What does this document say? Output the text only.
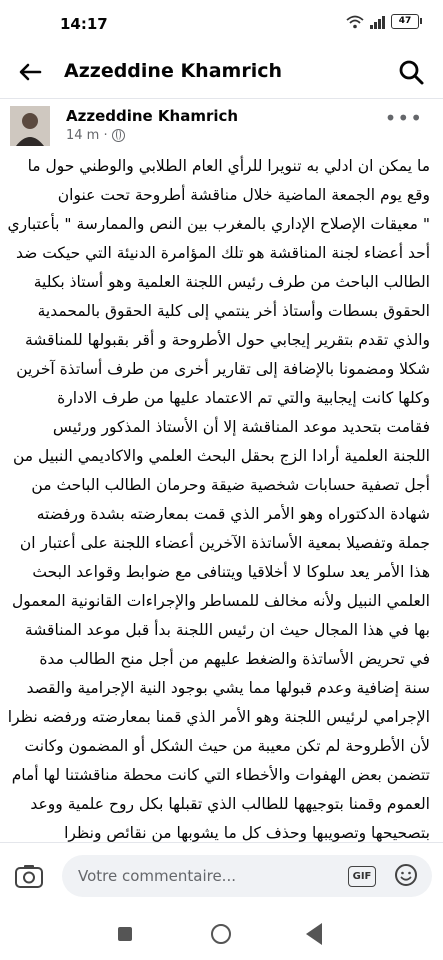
14:17	47
Azzeddine Khamrich
Azzeddine Khamrich
14 m ·
•••
ما يمكن ان ادلي به تنويرا للرأي العام الطلابي والوطني حول ما
وقع يوم الجمعة الماضية خلال مناقشة أطروحة تحت عنوان
" معيقات الإصلاح الإداري بالمغرب بين النص والممارسة " بأعتباري
أحد أعضاء لجنة المناقشة هو تلك المؤامرة الدنيئة التي حيكت ضد
الطالب الباحث من طرف رئيس اللجنة العلمية وهو أستاذ بكلية
الحقوق بسطات وأستاذ أخر ينتمي إلى كلية الحقوق بالمحمدية
والذي تقدم بتقرير إيجابي حول الأطروحة و أقر بقبولها للمناقشة
شكلا ومضمونا بالإضافة إلى تقارير أخرى من طرف أساتذة آخرين
وكلها كانت إيجابية والتي تم الاعتماد عليها من طرف الادارة
فقامت بتحديد موعد المناقشة إلا أن الأستاذ المذكور ورئيس
اللجنة العلمية أرادا الزج بحقل البحث العلمي والاكاديمي النبيل من
أجل تصفية حسابات شخصية ضيقة وحرمان الطالب الباحث من
شهادة الدكتوراه وهو الأمر الذي قمت بمعارضته بشدة ورفضته
جملة وتفصيلا بمعية الأساتذة الآخرين أعضاء اللجنة على أعتبار ان
هذا الأمر يعد سلوكا لا أخلاقيا ويتنافى مع ضوابط وقواعد البحث
العلمي النبيل ولأنه مخالف للمساطر والإجراءات القانونية المعمول
بها في هذا المجال حيث ان رئيس اللجنة بدأ قبل موعد المناقشة
في تحريض الأساتذة والضغط عليهم من أجل منح الطالب مدة
سنة إضافية وعدم قبولها مما يشي بوجود النية الإجرامية والقصد
الإجرامي لرئيس اللجنة وهو الأمر الذي قمنا بمعارضته ورفضه نظرا
لأن الأطروحة لم تكن معيبة من حيث الشكل أو المضمون وكانت
تتضمن بعض الهفوات والأخطاء التي كانت محطة مناقشتنا لها أمام
العموم وقمنا بتوجيهها للطالب الذي تقبلها بكل روح علمية ووعد
بتصحيحها وتصويبها وحذف كل ما يشوبها من نقائص ونظرا
Votre commentaire...
GIF
